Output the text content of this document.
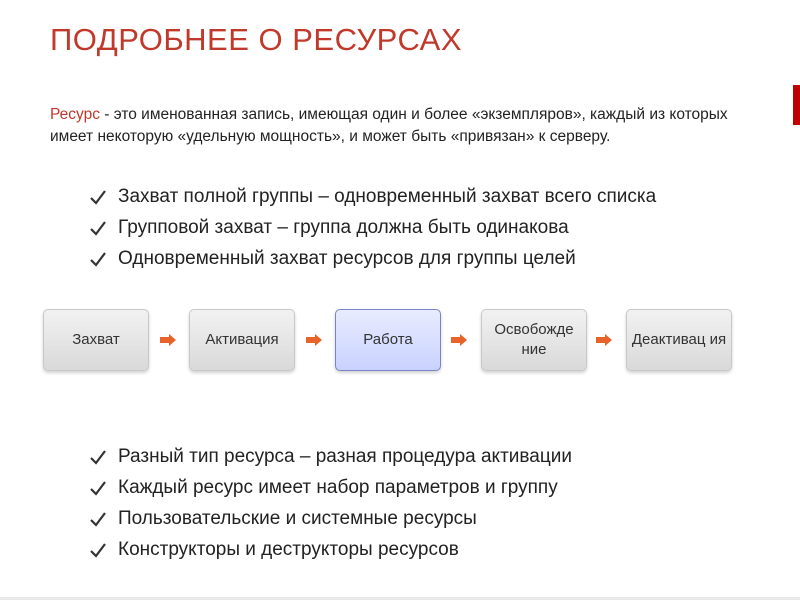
ПОДРОБНЕЕ О РЕСУРСАХ

Ресурс - это именованная запись, имеющая один и более «экземпляров», каждый из которых имеет некоторую «удельную мощность», и может быть «привязан» к серверу.

Захват полной группы – одновременный захват всего списка
Групповой захват – группа должна быть одинакова
Одновременный захват ресурсов для группы целей
Захват	Активация	Работа
Освобожде ние
Деактивац ия
Разный тип ресурса – разная процедура активации
Каждый ресурс имеет набор параметров и группу
Пользовательские и системные ресурсы
Конструкторы и деструкторы ресурсов
